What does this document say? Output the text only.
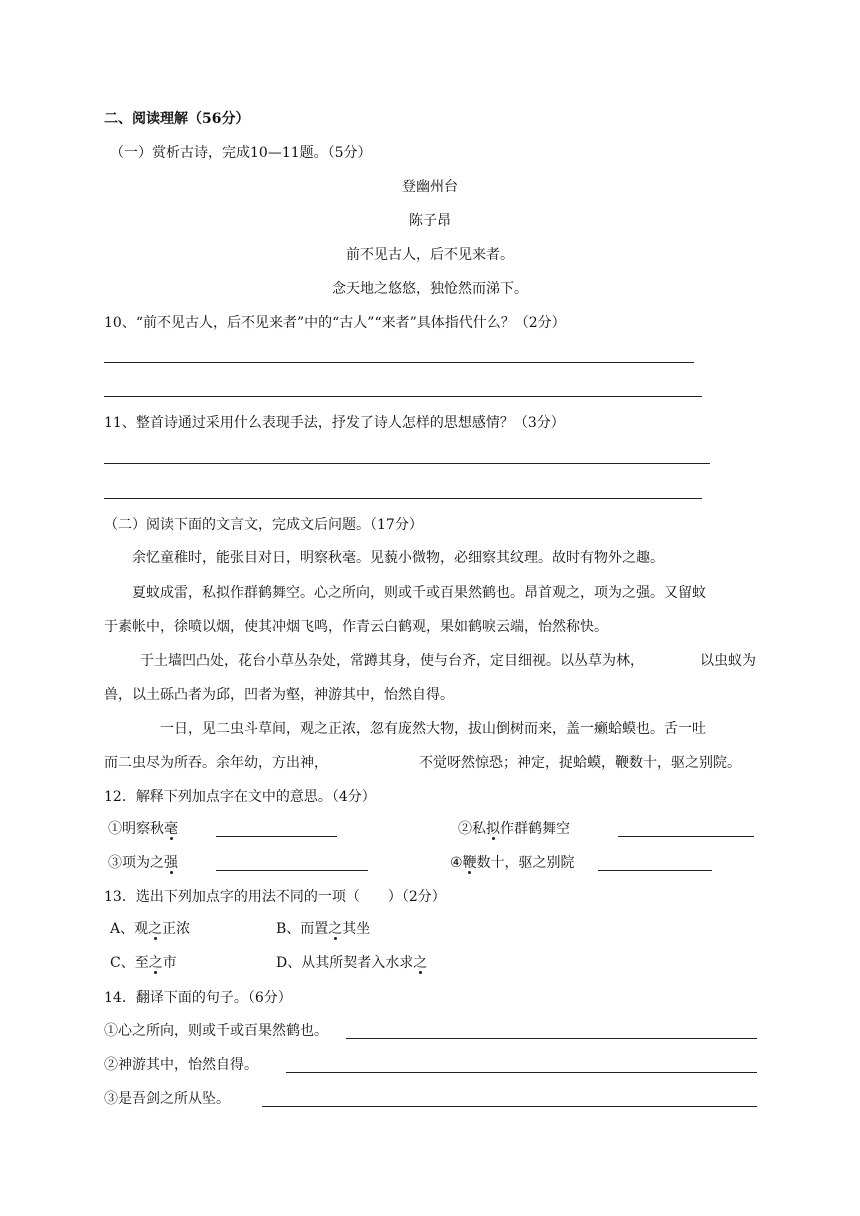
二、阅读理解（56分）
（一）赏析古诗，完成10—11题。（5分）
登幽州台
陈子昂
前不见古人，后不见来者。
念天地之悠悠，独怆然而涕下。
10、“前不见古人，后不见来者”中的“古人”“来者”具体指代什么？（2分）
11、整首诗通过采用什么表现手法，抒发了诗人怎样的思想感情？（3分）
（二）阅读下面的文言文，完成文后问题。（17分）
余忆童稚时，能张目对日，明察秋毫。见藐小微物，必细察其纹理。故时有物外之趣。
夏蚊成雷，私拟作群鹤舞空。心之所向，则或千或百果然鹤也。昂首观之，项为之强。又留蚊
于素帐中，徐喷以烟，使其冲烟飞鸣，作青云白鹤观，果如鹤唳云端，怡然称快。
于土墙凹凸处，花台小草丛杂处，常蹲其身，使与台齐，定目细视。以丛草为林，	以虫蚁为
兽，以土砾凸者为邱，凹者为壑，神游其中，怡然自得。
一日，见二虫斗草间，观之正浓，忽有庞然大物，拔山倒树而来，盖一癞蛤蟆也。舌一吐
而二虫尽为所吞。余年幼，方出神，	不觉呀然惊恐；神定，捉蛤蟆，鞭数十，驱之别院。
12．解释下列加点字在文中的意思。（4分）
①明察秋毫	②私拟作群鹤舞空
③项为之强	④鞭数十，驱之别院
13．选出下列加点字的用法不同的一项（　　）（2分）
A、观之正浓	B、而置之其坐
C、至之市	D、从其所契者入水求之
14．翻译下面的句子。（6分）
①心之所向，则或千或百果然鹤也。
②神游其中，怡然自得。
③是吾剑之所从坠。
